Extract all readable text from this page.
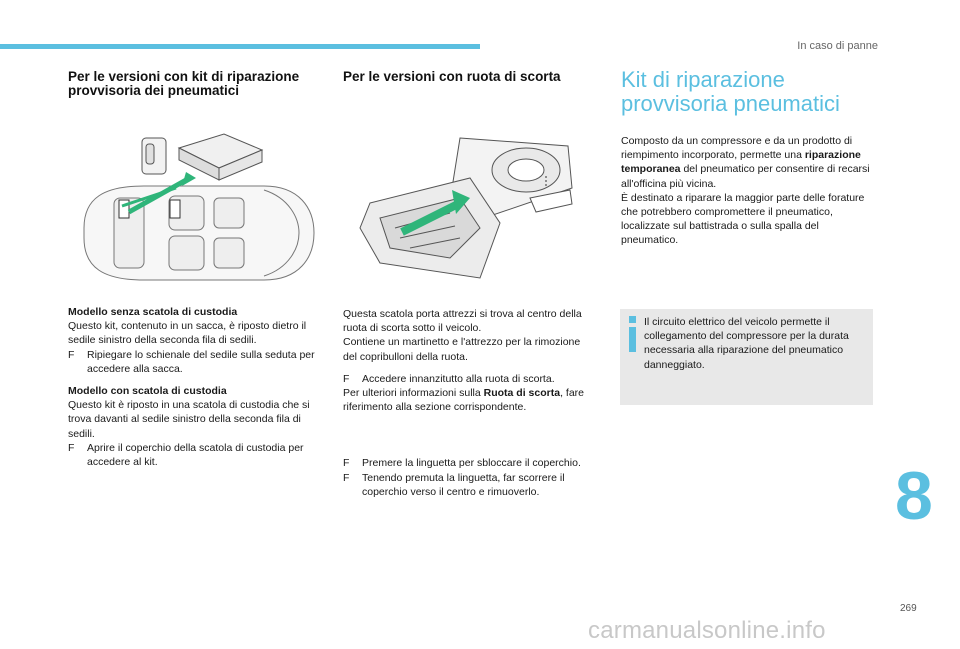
In caso di panne
Per le versioni con kit di riparazione provvisoria dei pneumatici

Modello senza scatola di custodia

Questo kit, contenuto in un sacca, è riposto dietro il sedile sinistro della seconda fila di sedili.

F Ripiegare lo schienale del sedile sulla seduta per accedere alla sacca.

Modello con scatola di custodia

Questo kit è riposto in una scatola di custodia che si trova davanti al sedile sinistro della seconda fila di sedili.

F Aprire il coperchio della scatola di custodia per accedere al kit.

Per le versioni con ruota di scorta

Questa scatola porta attrezzi si trova al centro della ruota di scorta sotto il veicolo.

Contiene un martinetto e l'attrezzo per la rimozione del copribulloni della ruota.

F Accedere innanzitutto alla ruota di scorta.

Per ulteriori informazioni sulla Ruota di scorta, fare riferimento alla sezione corrispondente.

F Premere la linguetta per sbloccare il coperchio.

F Tenendo premuta la linguetta, far scorrere il coperchio verso il centro e rimuoverlo.

Kit di riparazione provvisoria pneumatici

Composto da un compressore e da un prodotto di riempimento incorporato, permette una riparazione temporanea del pneumatico per consentire di recarsi all'officina più vicina.

È destinato a riparare la maggior parte delle forature che potrebbero compromettere il pneumatico, localizzate sul battistrada o sulla spalla del pneumatico.

Il circuito elettrico del veicolo permette il collegamento del compressore per la durata necessaria alla riparazione del pneumatico danneggiato.
8
269
carmanualsonline.info
